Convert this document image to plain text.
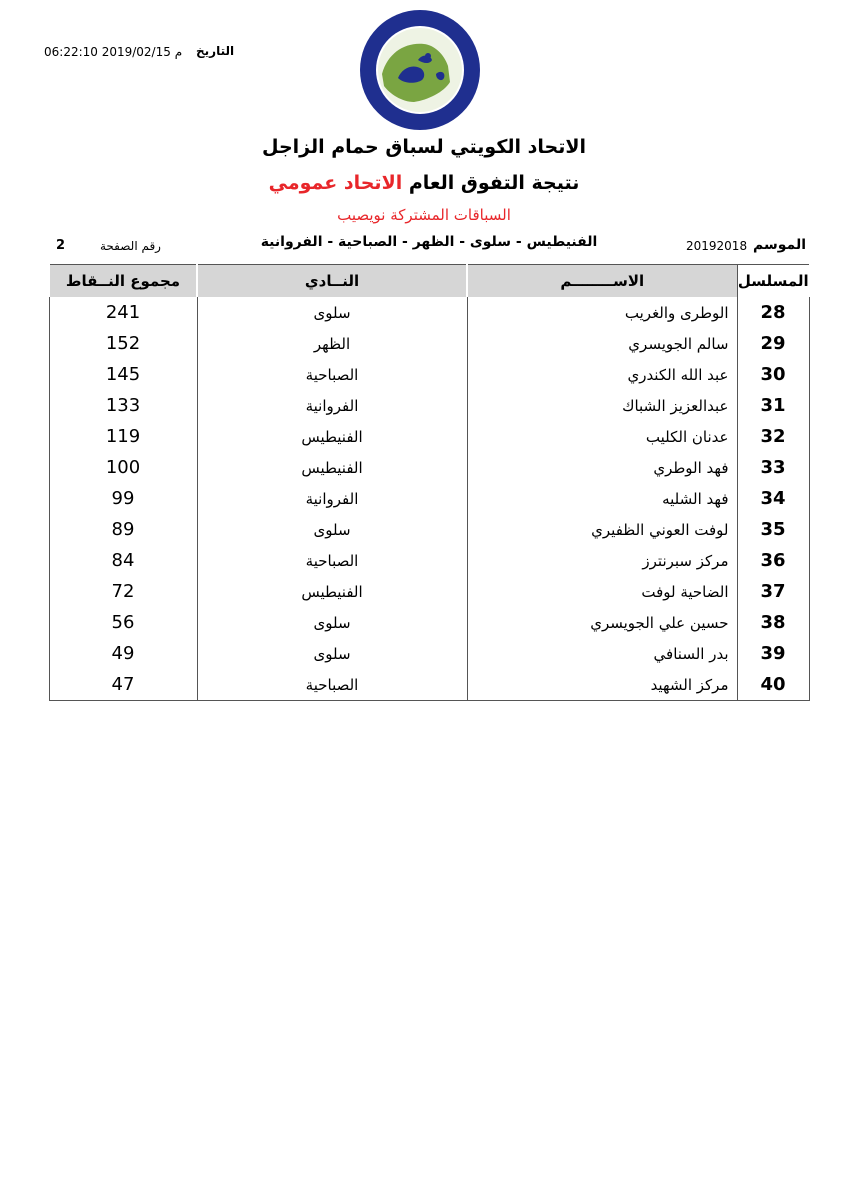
التاريخ
06:22:10 2019/02/15 م
الاتحاد الكويتي لسباق حمام الزاجل
نتيجة التفوق العام الاتحاد عمومي
السباقات المشتركة نويصيب
الموسم
20192018
الفنيطيس - سلوى - الظهر - الصباحية - الفروانية
رقم الصفحة
2
المسلسل	الاســــــــم	النــادي	مجموع النــقاط
28	الوطرى والغريب	سلوى	241
29	سالم الجويسري	الظهر	152
30	عبد الله الكندري	الصباحية	145
31	عبدالعزيز الشباك	الفروانية	133
32	عدنان الكليب	الفنيطيس	119
33	فهد الوطري	الفنيطيس	100
34	فهد الشليه	الفروانية	99
35	لوفت العوني الظفيري	سلوى	89
36	مركز سبرنترز	الصباحية	84
37	الضاحية لوفت	الفنيطيس	72
38	حسين علي الجويسري	سلوى	56
39	بدر السنافي	سلوى	49
40	مركز الشهيد	الصباحية	47
